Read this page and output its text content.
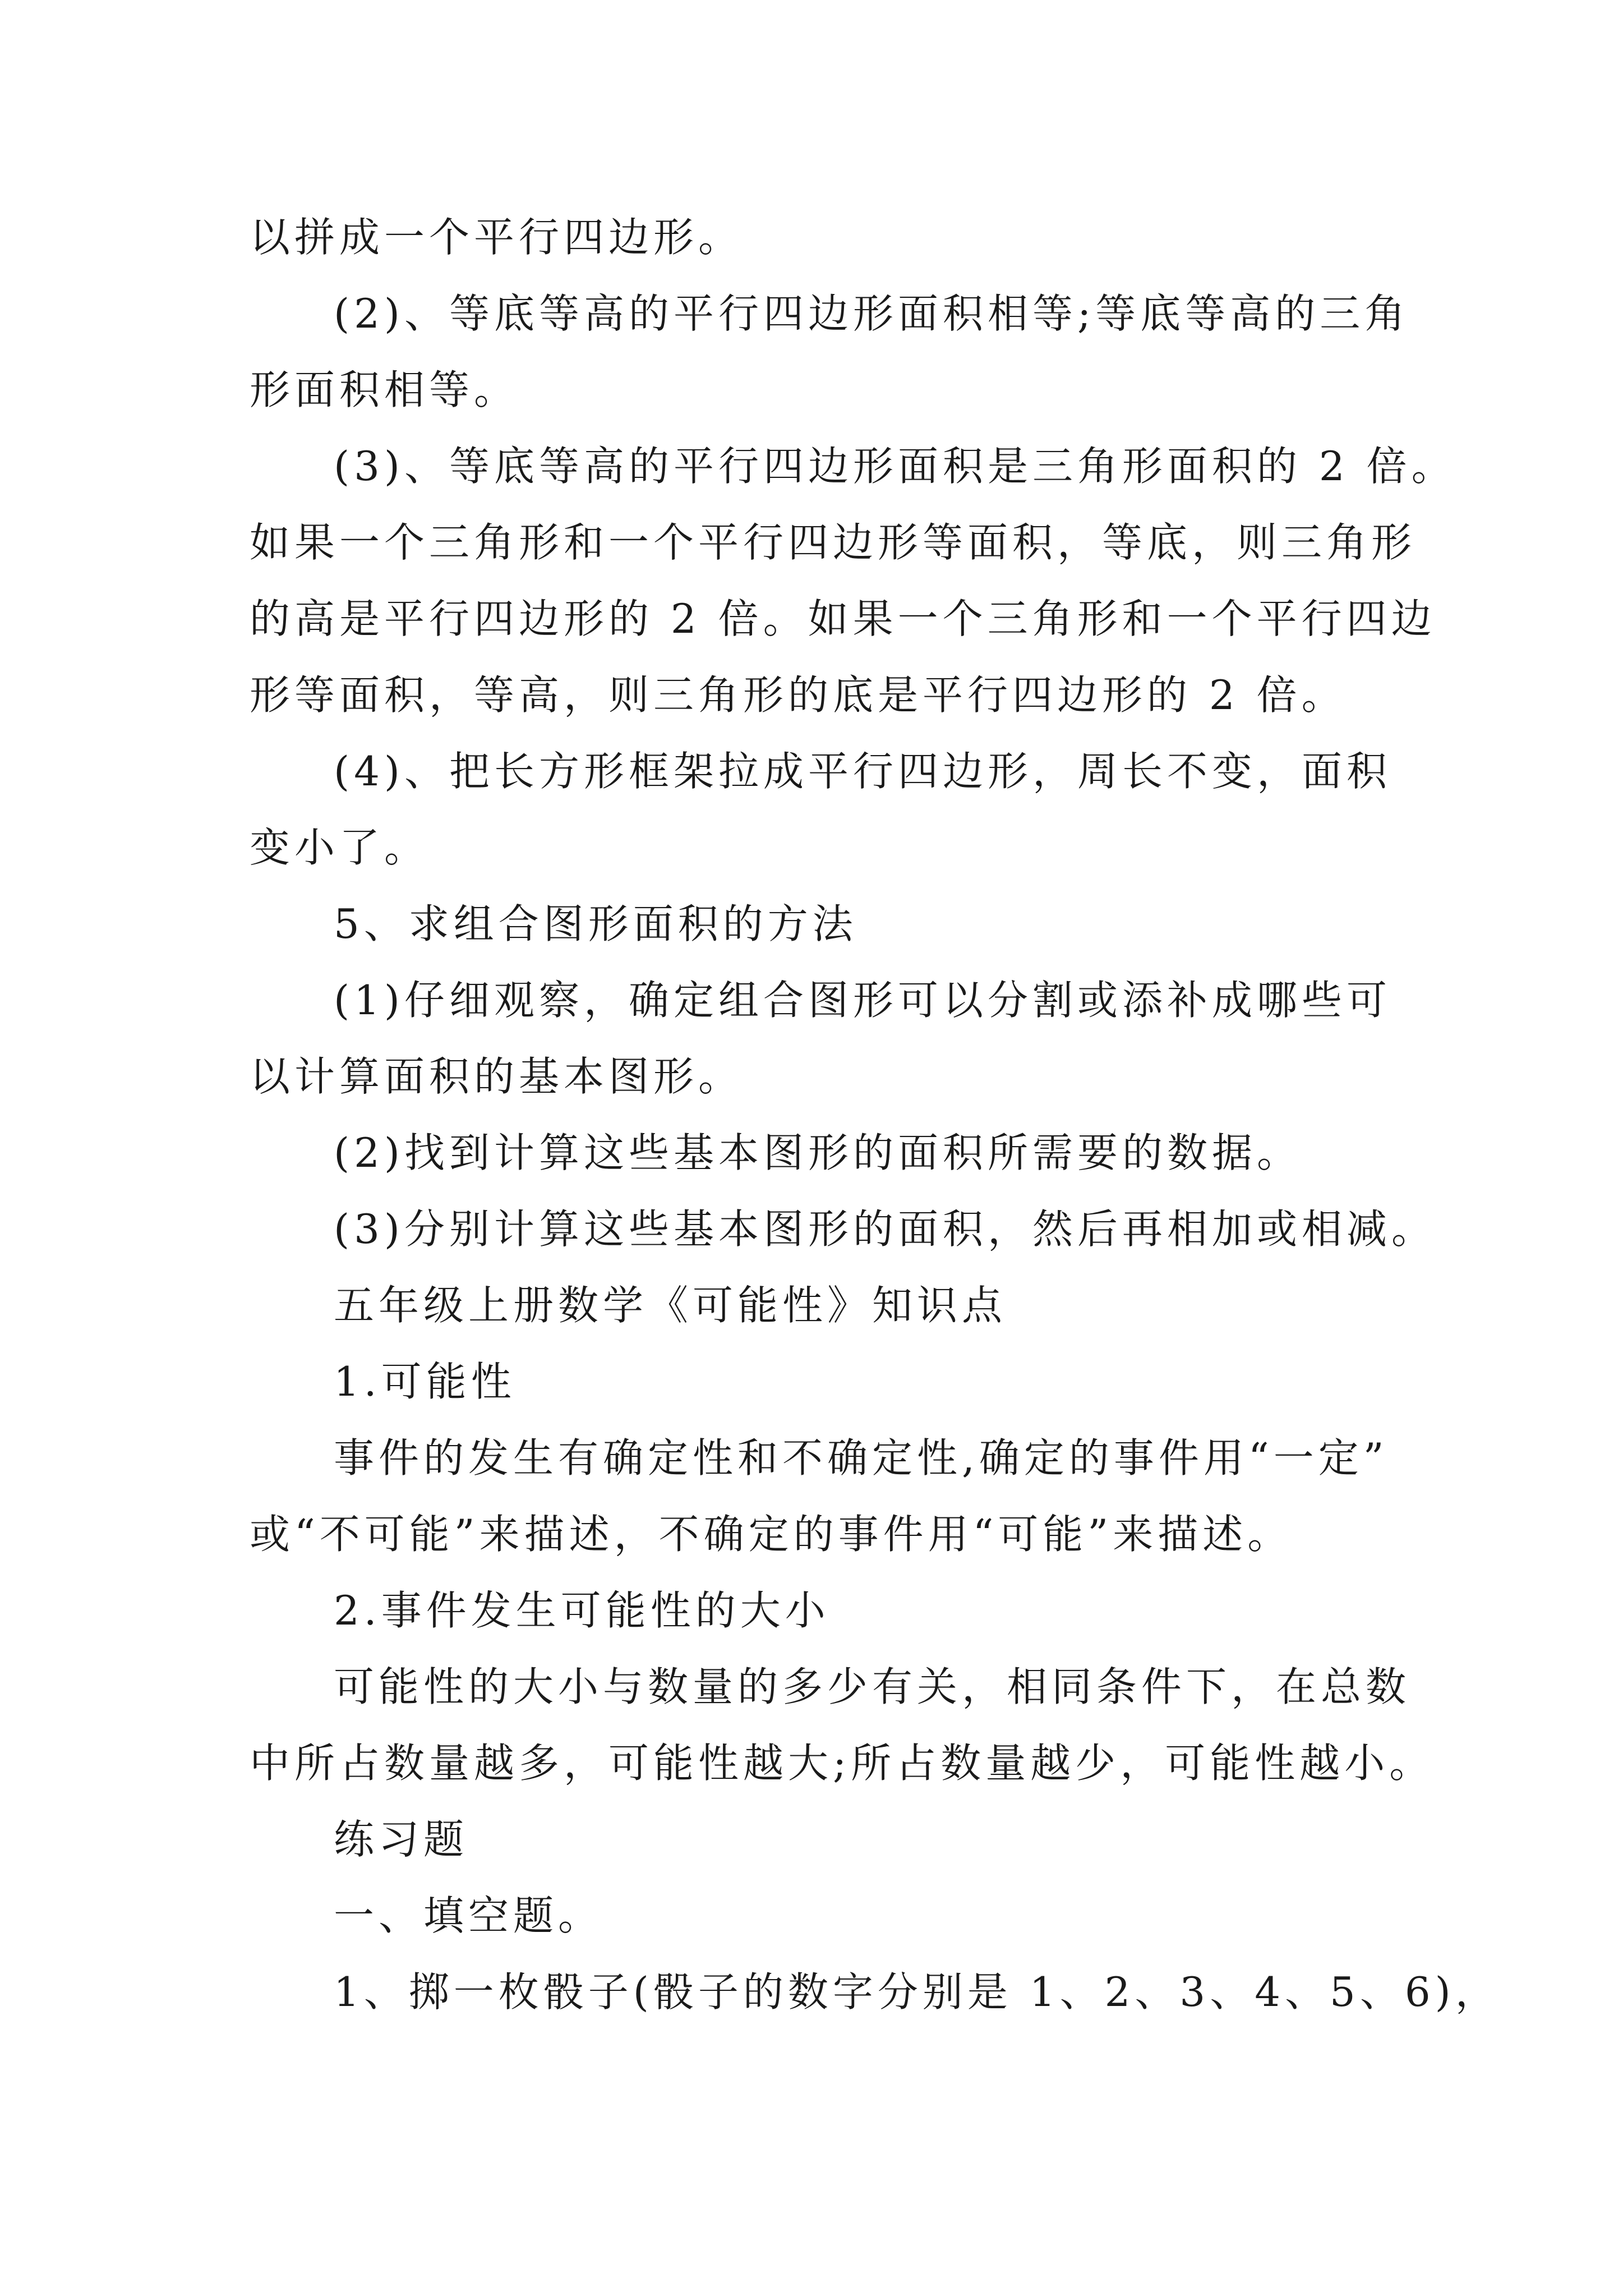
以拼成一个平行四边形。
(2)、等底等高的平行四边形面积相等;等底等高的三角
形面积相等。
(3)、等底等高的平行四边形面积是三角形面积的 2 倍。
如果一个三角形和一个平行四边形等面积，等底，则三角形
的高是平行四边形的 2 倍。如果一个三角形和一个平行四边
形等面积，等高，则三角形的底是平行四边形的 2 倍。
(4)、把长方形框架拉成平行四边形，周长不变，面积
变小了。
5、求组合图形面积的方法
(1)仔细观察，确定组合图形可以分割或添补成哪些可
以计算面积的基本图形。
(2)找到计算这些基本图形的面积所需要的数据。
(3)分别计算这些基本图形的面积，然后再相加或相减。
五年级上册数学《可能性》知识点
1.可能性
事件的发生有确定性和不确定性,确定的事件用“一定”
或“不可能”来描述，不确定的事件用“可能”来描述。
2.事件发生可能性的大小
可能性的大小与数量的多少有关，相同条件下，在总数
中所占数量越多，可能性越大;所占数量越少，可能性越小。
练习题
一、填空题。
1、掷一枚骰子(骰子的数字分别是 1、2、3、4、5、6)，
